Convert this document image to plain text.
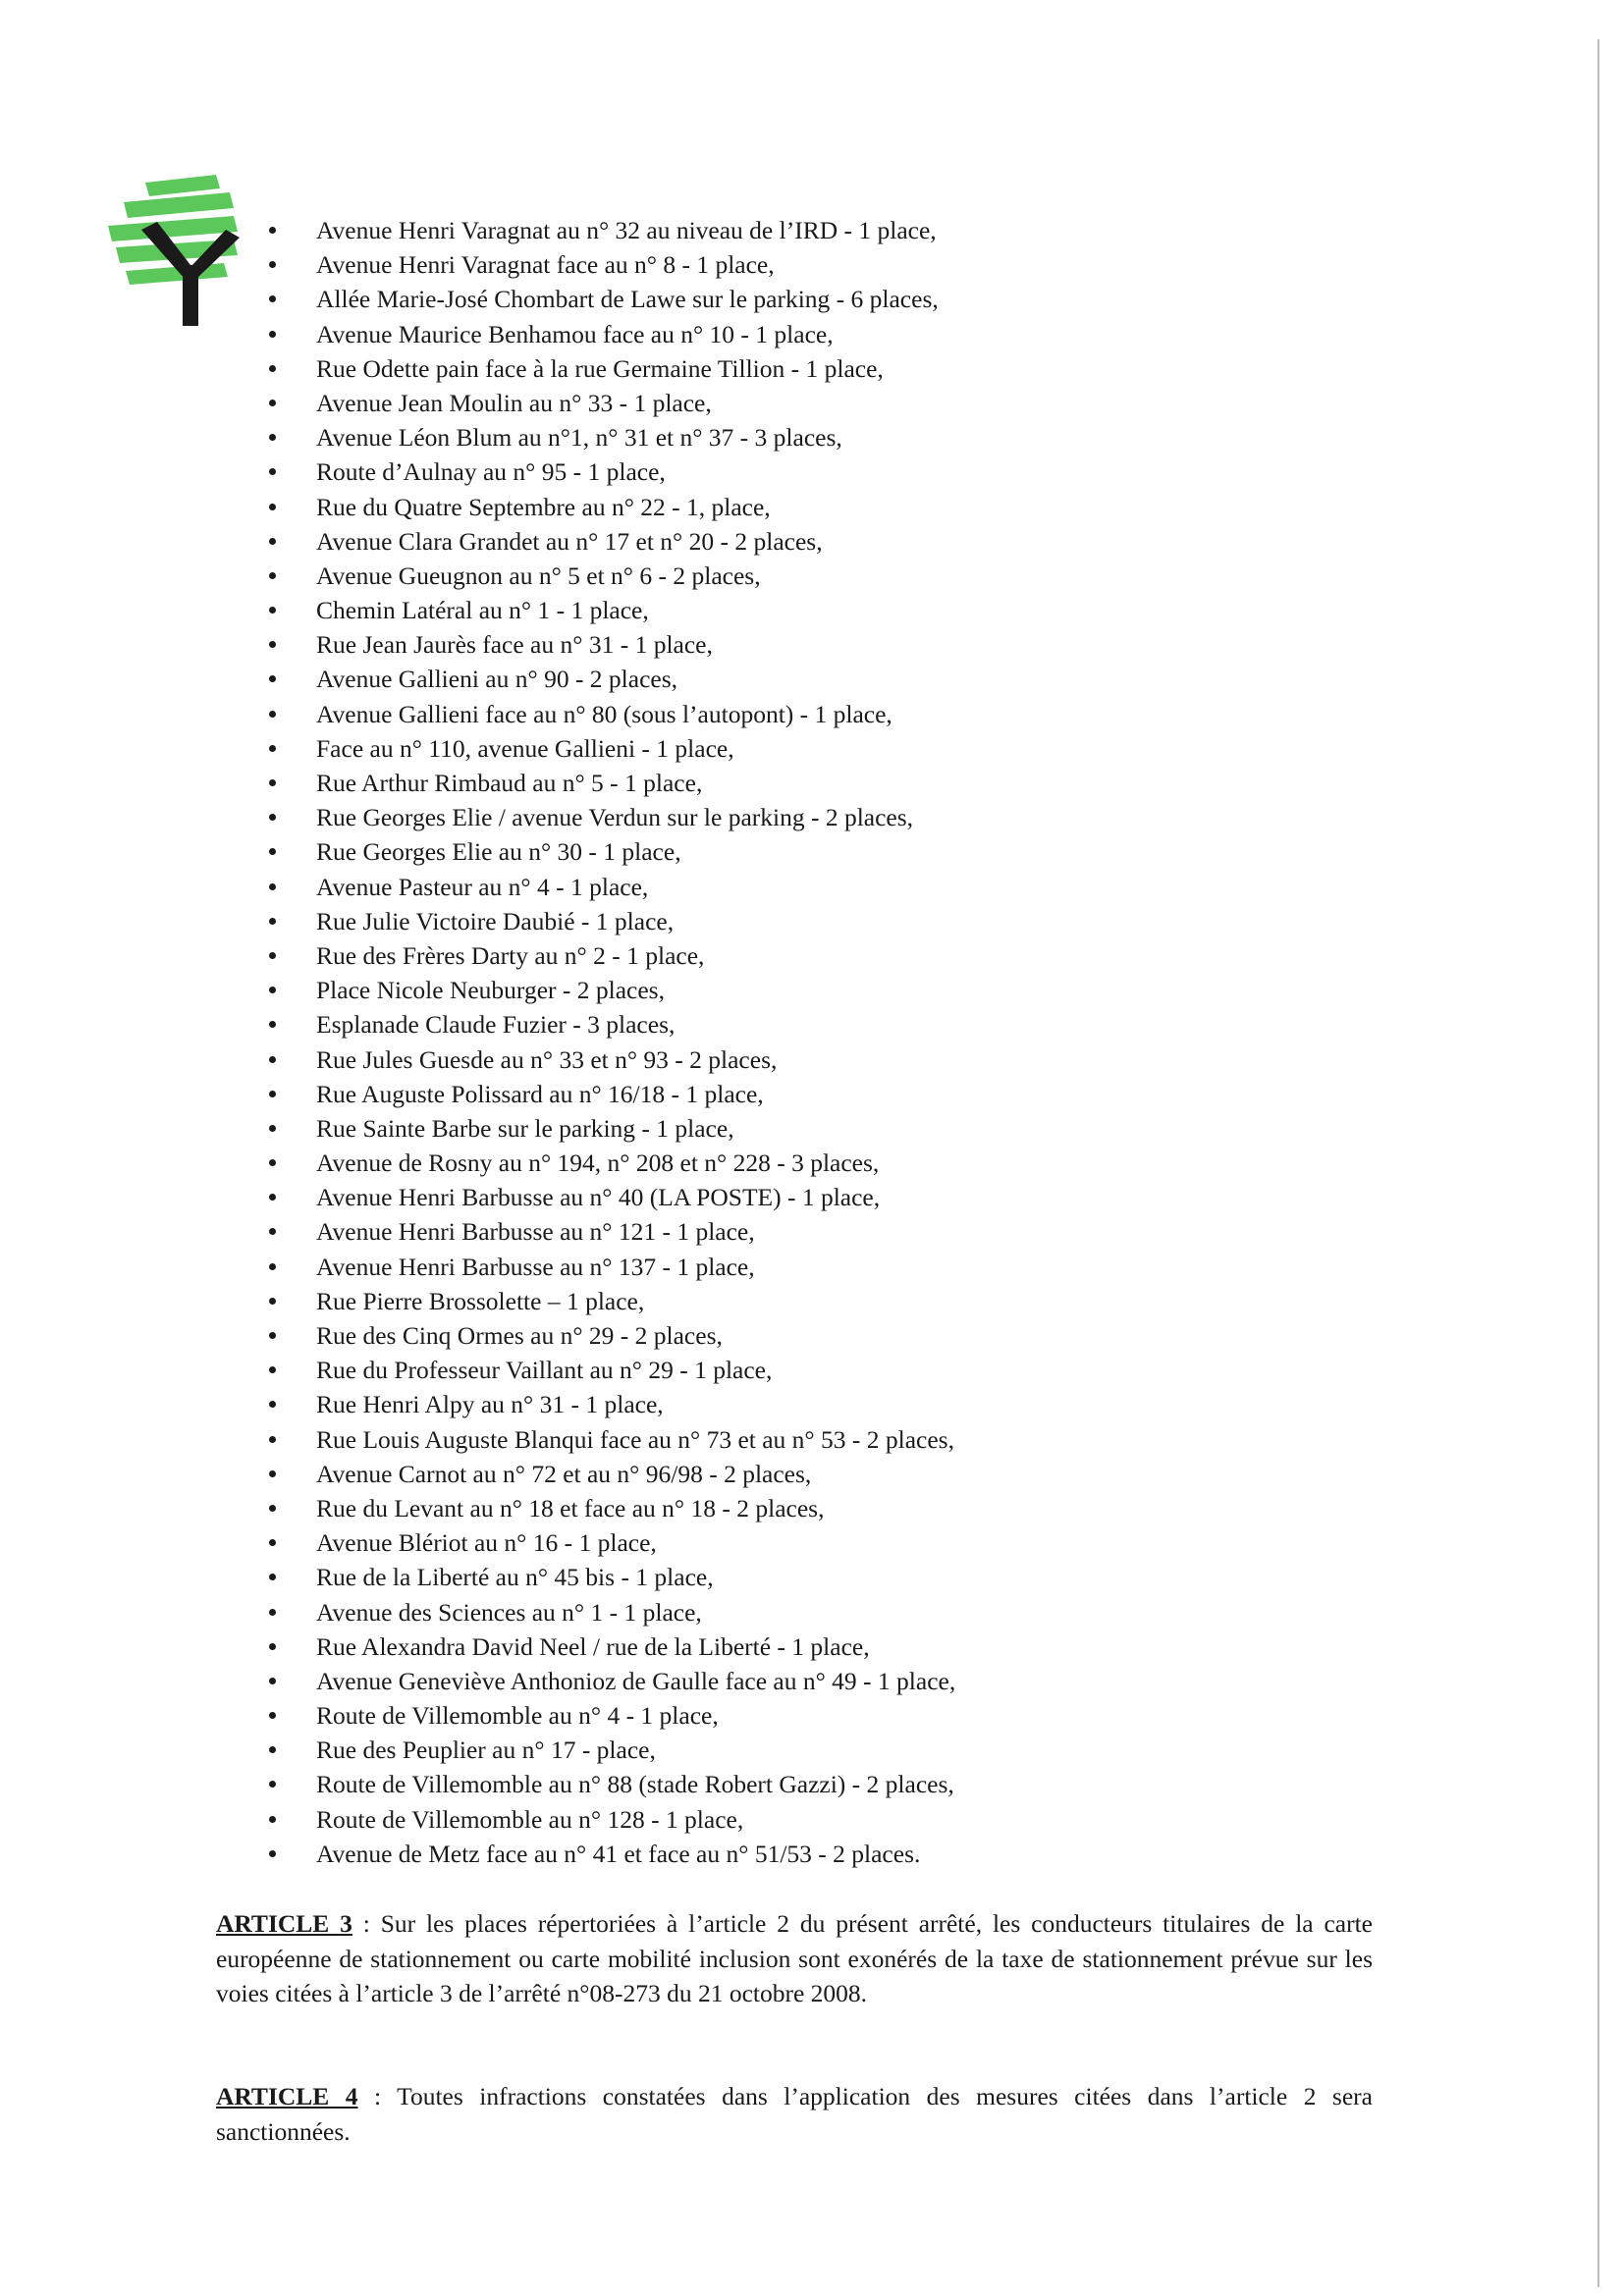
Avenue Henri Varagnat au n° 32 au niveau de l’IRD - 1 place,
Avenue Henri Varagnat face au n° 8 - 1 place,
Allée Marie-José Chombart de Lawe sur le parking - 6 places,
Avenue Maurice Benhamou face au n° 10 - 1 place,
Rue Odette pain face à la rue Germaine Tillion - 1 place,
Avenue Jean Moulin au n° 33 - 1 place,
Avenue Léon Blum au n°1, n° 31 et n° 37 - 3 places,
Route d’Aulnay au n° 95 - 1 place,
Rue du Quatre Septembre au n° 22 - 1, place,
Avenue Clara Grandet au n° 17 et n° 20 - 2 places,
Avenue Gueugnon au n° 5 et n° 6 - 2 places,
Chemin Latéral au n° 1 - 1 place,
Rue Jean Jaurès face au n° 31 - 1 place,
Avenue Gallieni au n° 90 - 2 places,
Avenue Gallieni face au n° 80 (sous l’autopont) - 1 place,
Face au n° 110, avenue Gallieni - 1 place,
Rue Arthur Rimbaud au n° 5 - 1 place,
Rue Georges Elie / avenue Verdun sur le parking - 2 places,
Rue Georges Elie au n° 30 - 1 place,
Avenue Pasteur au n° 4 - 1 place,
Rue Julie Victoire Daubié - 1 place,
Rue des Frères Darty au n° 2 - 1 place,
Place Nicole Neuburger - 2 places,
Esplanade Claude Fuzier - 3 places,
Rue Jules Guesde au n° 33 et n° 93 - 2 places,
Rue Auguste Polissard au n° 16/18 - 1 place,
Rue Sainte Barbe sur le parking - 1 place,
Avenue de Rosny au n° 194, n° 208 et n° 228 - 3 places,
Avenue Henri Barbusse au n° 40 (LA POSTE) - 1 place,
Avenue Henri Barbusse au n° 121 - 1 place,
Avenue Henri Barbusse au n° 137 - 1 place,
Rue Pierre Brossolette – 1 place,
Rue des Cinq Ormes au n° 29 - 2 places,
Rue du Professeur Vaillant au n° 29 - 1 place,
Rue Henri Alpy au n° 31 - 1 place,
Rue Louis Auguste Blanqui face au n° 73 et au n° 53 - 2 places,
Avenue Carnot au n° 72 et au n° 96/98 - 2 places,
Rue du Levant au n° 18 et face au n° 18 - 2 places,
Avenue Blériot au n° 16 - 1 place,
Rue de la Liberté au n° 45 bis - 1 place,
Avenue des Sciences au n° 1 - 1 place,
Rue Alexandra David Neel / rue de la Liberté - 1 place,
Avenue Geneviève Anthonioz de Gaulle face au n° 49 - 1 place,
Route de Villemomble au n° 4 - 1 place,
Rue des Peuplier au n° 17 - place,
Route de Villemomble au n° 88 (stade Robert Gazzi) - 2 places,
Route de Villemomble au n° 128 - 1 place,
Avenue de Metz face au n° 41 et face au n° 51/53 - 2 places.

ARTICLE 3 : Sur les places répertoriées à l’article 2 du présent arrêté, les conducteurs titulaires de la carte européenne de stationnement ou carte mobilité inclusion sont exonérés de la taxe de stationnement prévue sur les voies citées à l’article 3 de l’arrêté n°08-273 du 21 octobre 2008.

ARTICLE 4 : Toutes infractions constatées dans l’application des mesures citées dans l’article 2 sera sanctionnées.
